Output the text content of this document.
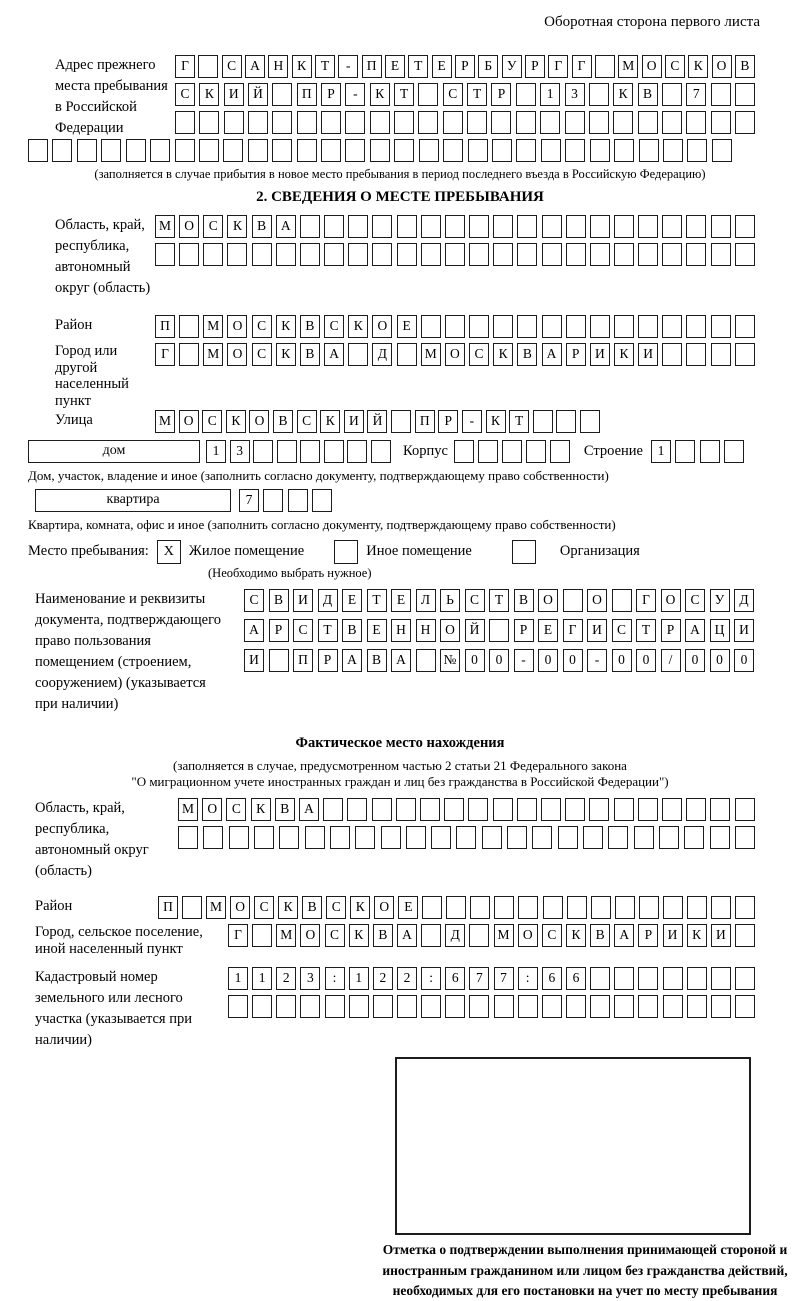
Оборотная сторона первого листа
Адрес прежнего места пребывания в Российской Федерации
Г	С	А	Н	К	Т	-	П	Е	Т	Е	Р	Б	У	Р	Г	Г	М О	С	К	О	В
С	К	И	Й	П	Р	-	К	Т	С	Т	Р	1	3	К	В	7
(заполняется в случае прибытия в новое место пребывания в период последнего въезда в Российскую Федерацию)
2. СВЕДЕНИЯ О МЕСТЕ ПРЕБЫВАНИЯ
Область, край, республика, автономный округ (область)
М О	С	К	В	А
Район	П	М О	С	К	В	С	К	О	Е
Город или другой населенный пункт
Г	М О	С	К	В	А	Д	М О	С	К	В	А	Р	И	К	И
Улица	М О	С	К	О	В	С	К	И	Й	П	Р	-	К	Т
дом	1	3	Корпус	Строение	1
Дом, участок, владение и иное (заполнить согласно документу, подтверждающему право собственности)
квартира	7
Квартира, комната, офис и иное (заполнить согласно документу, подтверждающему право собственности)
Место пребывания:	X	Жилое помещение	Иное помещение	Организация
(Необходимо выбрать нужное)
Наименование и реквизиты документа, подтверждающего право пользования помещением (строением, сооружением) (указывается при наличии)
С	В	И	Д	Е	Т	Е	Л	Ь	С	Т	В	О	О	Г	О	С	У	Д
А	Р	С	Т	В	Е	Н	Н	О	Й	Р	Е	Г	И	С	Т	Р	А	Ц	И
И	П	Р	А	В	А	№	0	0	-	0	0	-	0	0	/	0	0	0
Фактическое место нахождения
(заполняется в случае, предусмотренном частью 2 статьи 21 Федерального закона
"О миграционном учете иностранных граждан и лиц без гражданства в Российской Федерации")
Область, край, республика, автономный округ (область)
М О	С	К	В	А
Район	П	М О	С	К	В	С	К	О	Е
Город, сельское поселение, иной населенный пункт
Г	М О	С	К	В	А	Д	М О	С	К	В	А	Р	И	К	И
Кадастровый номер земельного или лесного участка (указывается при наличии)
1	1	2	3	:	1	2	2	:	6	7	7	:	6	6
Отметка о подтверждении выполнения принимающей стороной и иностранным гражданином или лицом без гражданства действий, необходимых для его постановки на учет по месту пребывания
